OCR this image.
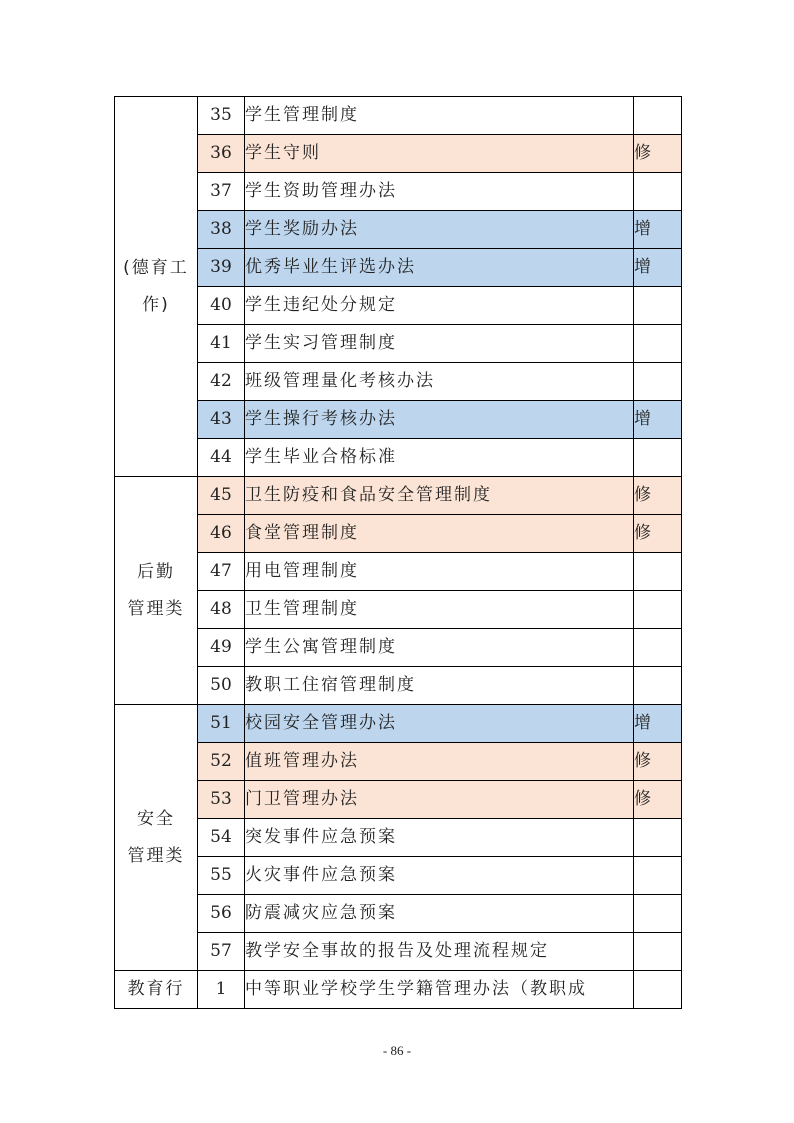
(德育工作)	35	学生管理制度	
	36	学生守则	修
	37	学生资助管理办法	
	38	学生奖励办法	增
	39	优秀毕业生评选办法	增
	40	学生违纪处分规定	
	41	学生实习管理制度	
	42	班级管理量化考核办法	
	43	学生操行考核办法	增
	44	学生毕业合格标准	

后勤
管理类	45	卫生防疫和食品安全管理制度	修
	46	食堂管理制度	修
	47	用电管理制度	
	48	卫生管理制度	
	49	学生公寓管理制度	
	50	教职工住宿管理制度	

安全
管理类	51	校园安全管理办法	增
	52	值班管理办法	修
	53	门卫管理办法	修
	54	突发事件应急预案	
	55	火灾事件应急预案	
	56	防震减灾应急预案	
	57	教学安全事故的报告及处理流程规定	

教育行	1	中等职业学校学生学籍管理办法（教职成	
- 86 -
